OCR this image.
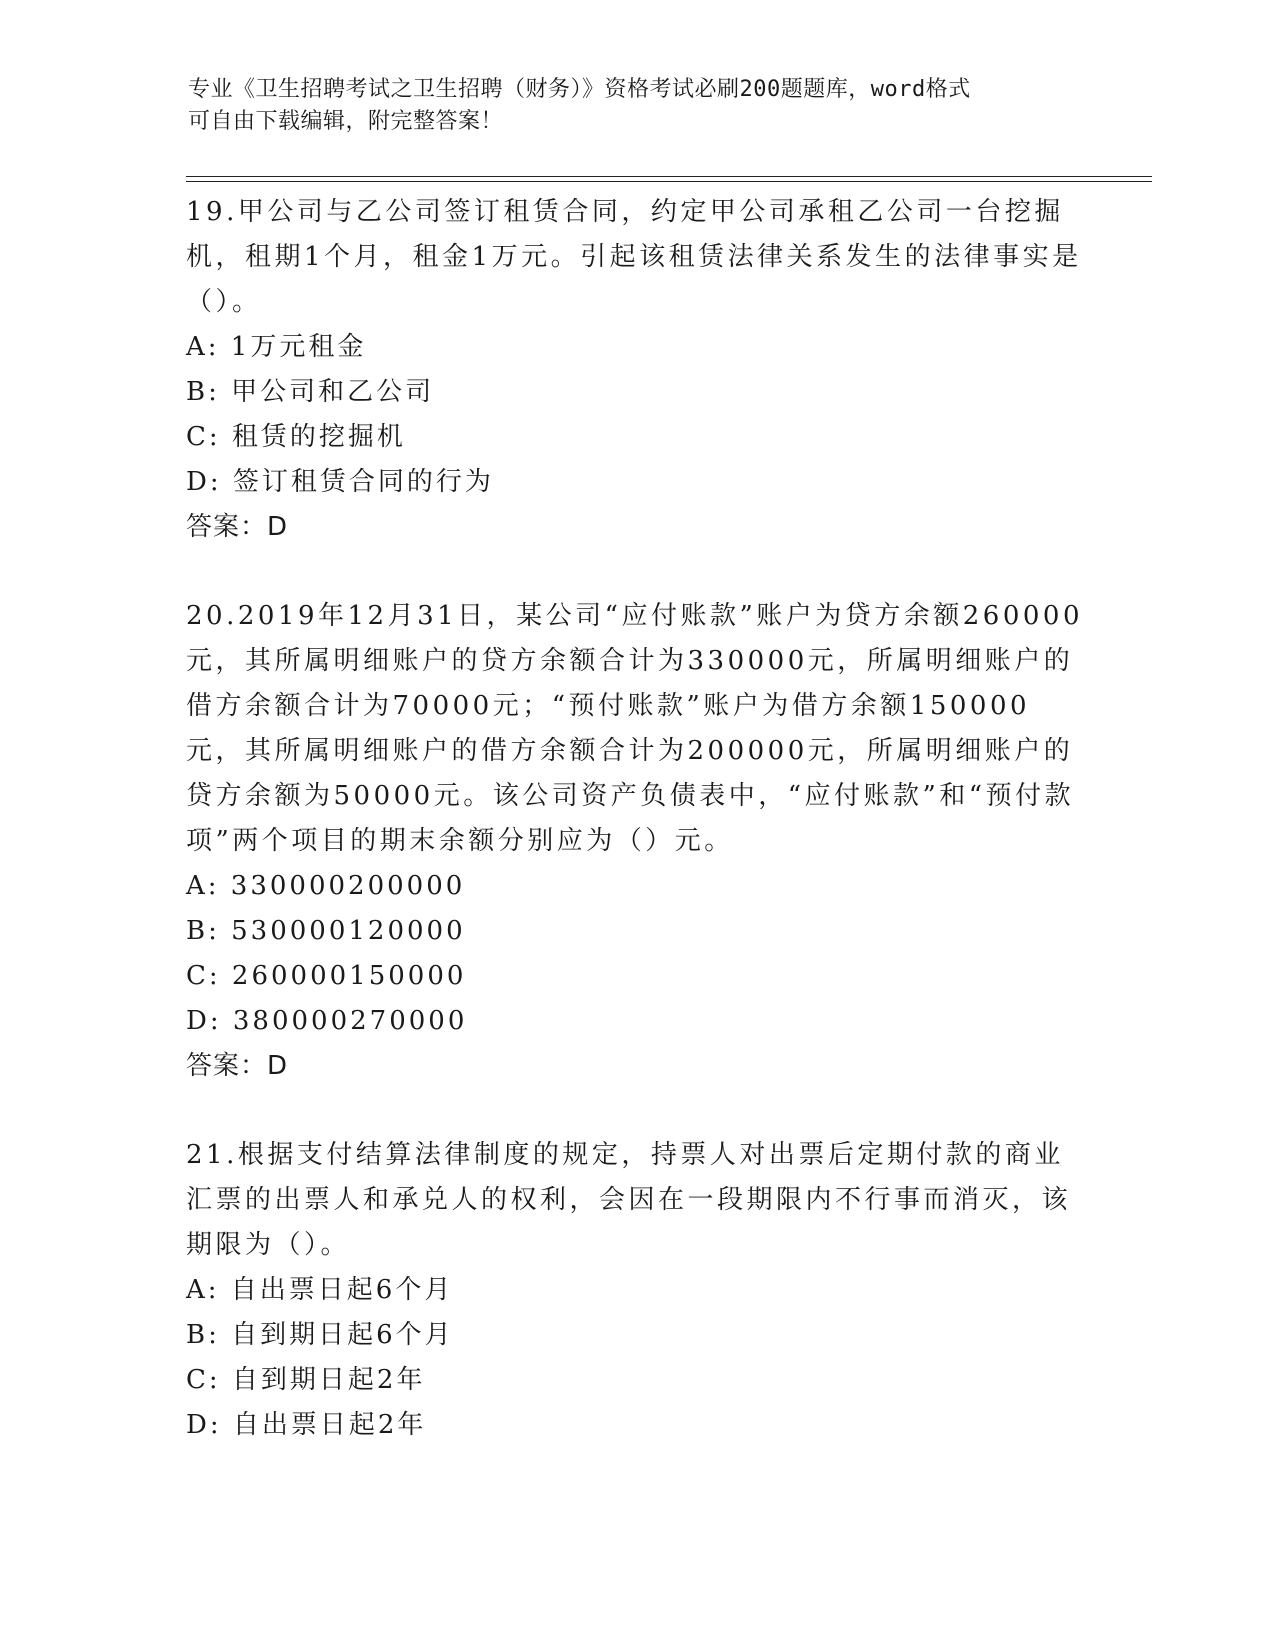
专业《卫生招聘考试之卫生招聘（财务）》资格考试必刷200题题库，word格式
可自由下载编辑，附完整答案！

19.甲公司与乙公司签订租赁合同，约定甲公司承租乙公司一台挖掘机，租期1个月，租金1万元。引起该租赁法律关系发生的法律事实是（）。

A: 1万元租金

B: 甲公司和乙公司

C: 租赁的挖掘机

D: 签订租赁合同的行为

答案：D

20.2019年12月31日，某公司“应付账款”账户为贷方余额260000元，其所属明细账户的贷方余额合计为330000元，所属明细账户的借方余额合计为70000元；“预付账款”账户为借方余额150000元，其所属明细账户的借方余额合计为200000元，所属明细账户的贷方余额为50000元。该公司资产负债表中，“应付账款”和“预付款项”两个项目的期末余额分别应为（）元。

A: 330000200000

B: 530000120000

C: 260000150000

D: 380000270000

答案：D

21.根据支付结算法律制度的规定，持票人对出票后定期付款的商业汇票的出票人和承兑人的权利，会因在一段期限内不行事而消灭，该期限为（）。

A: 自出票日起6个月

B: 自到期日起6个月

C: 自到期日起2年

D: 自出票日起2年
